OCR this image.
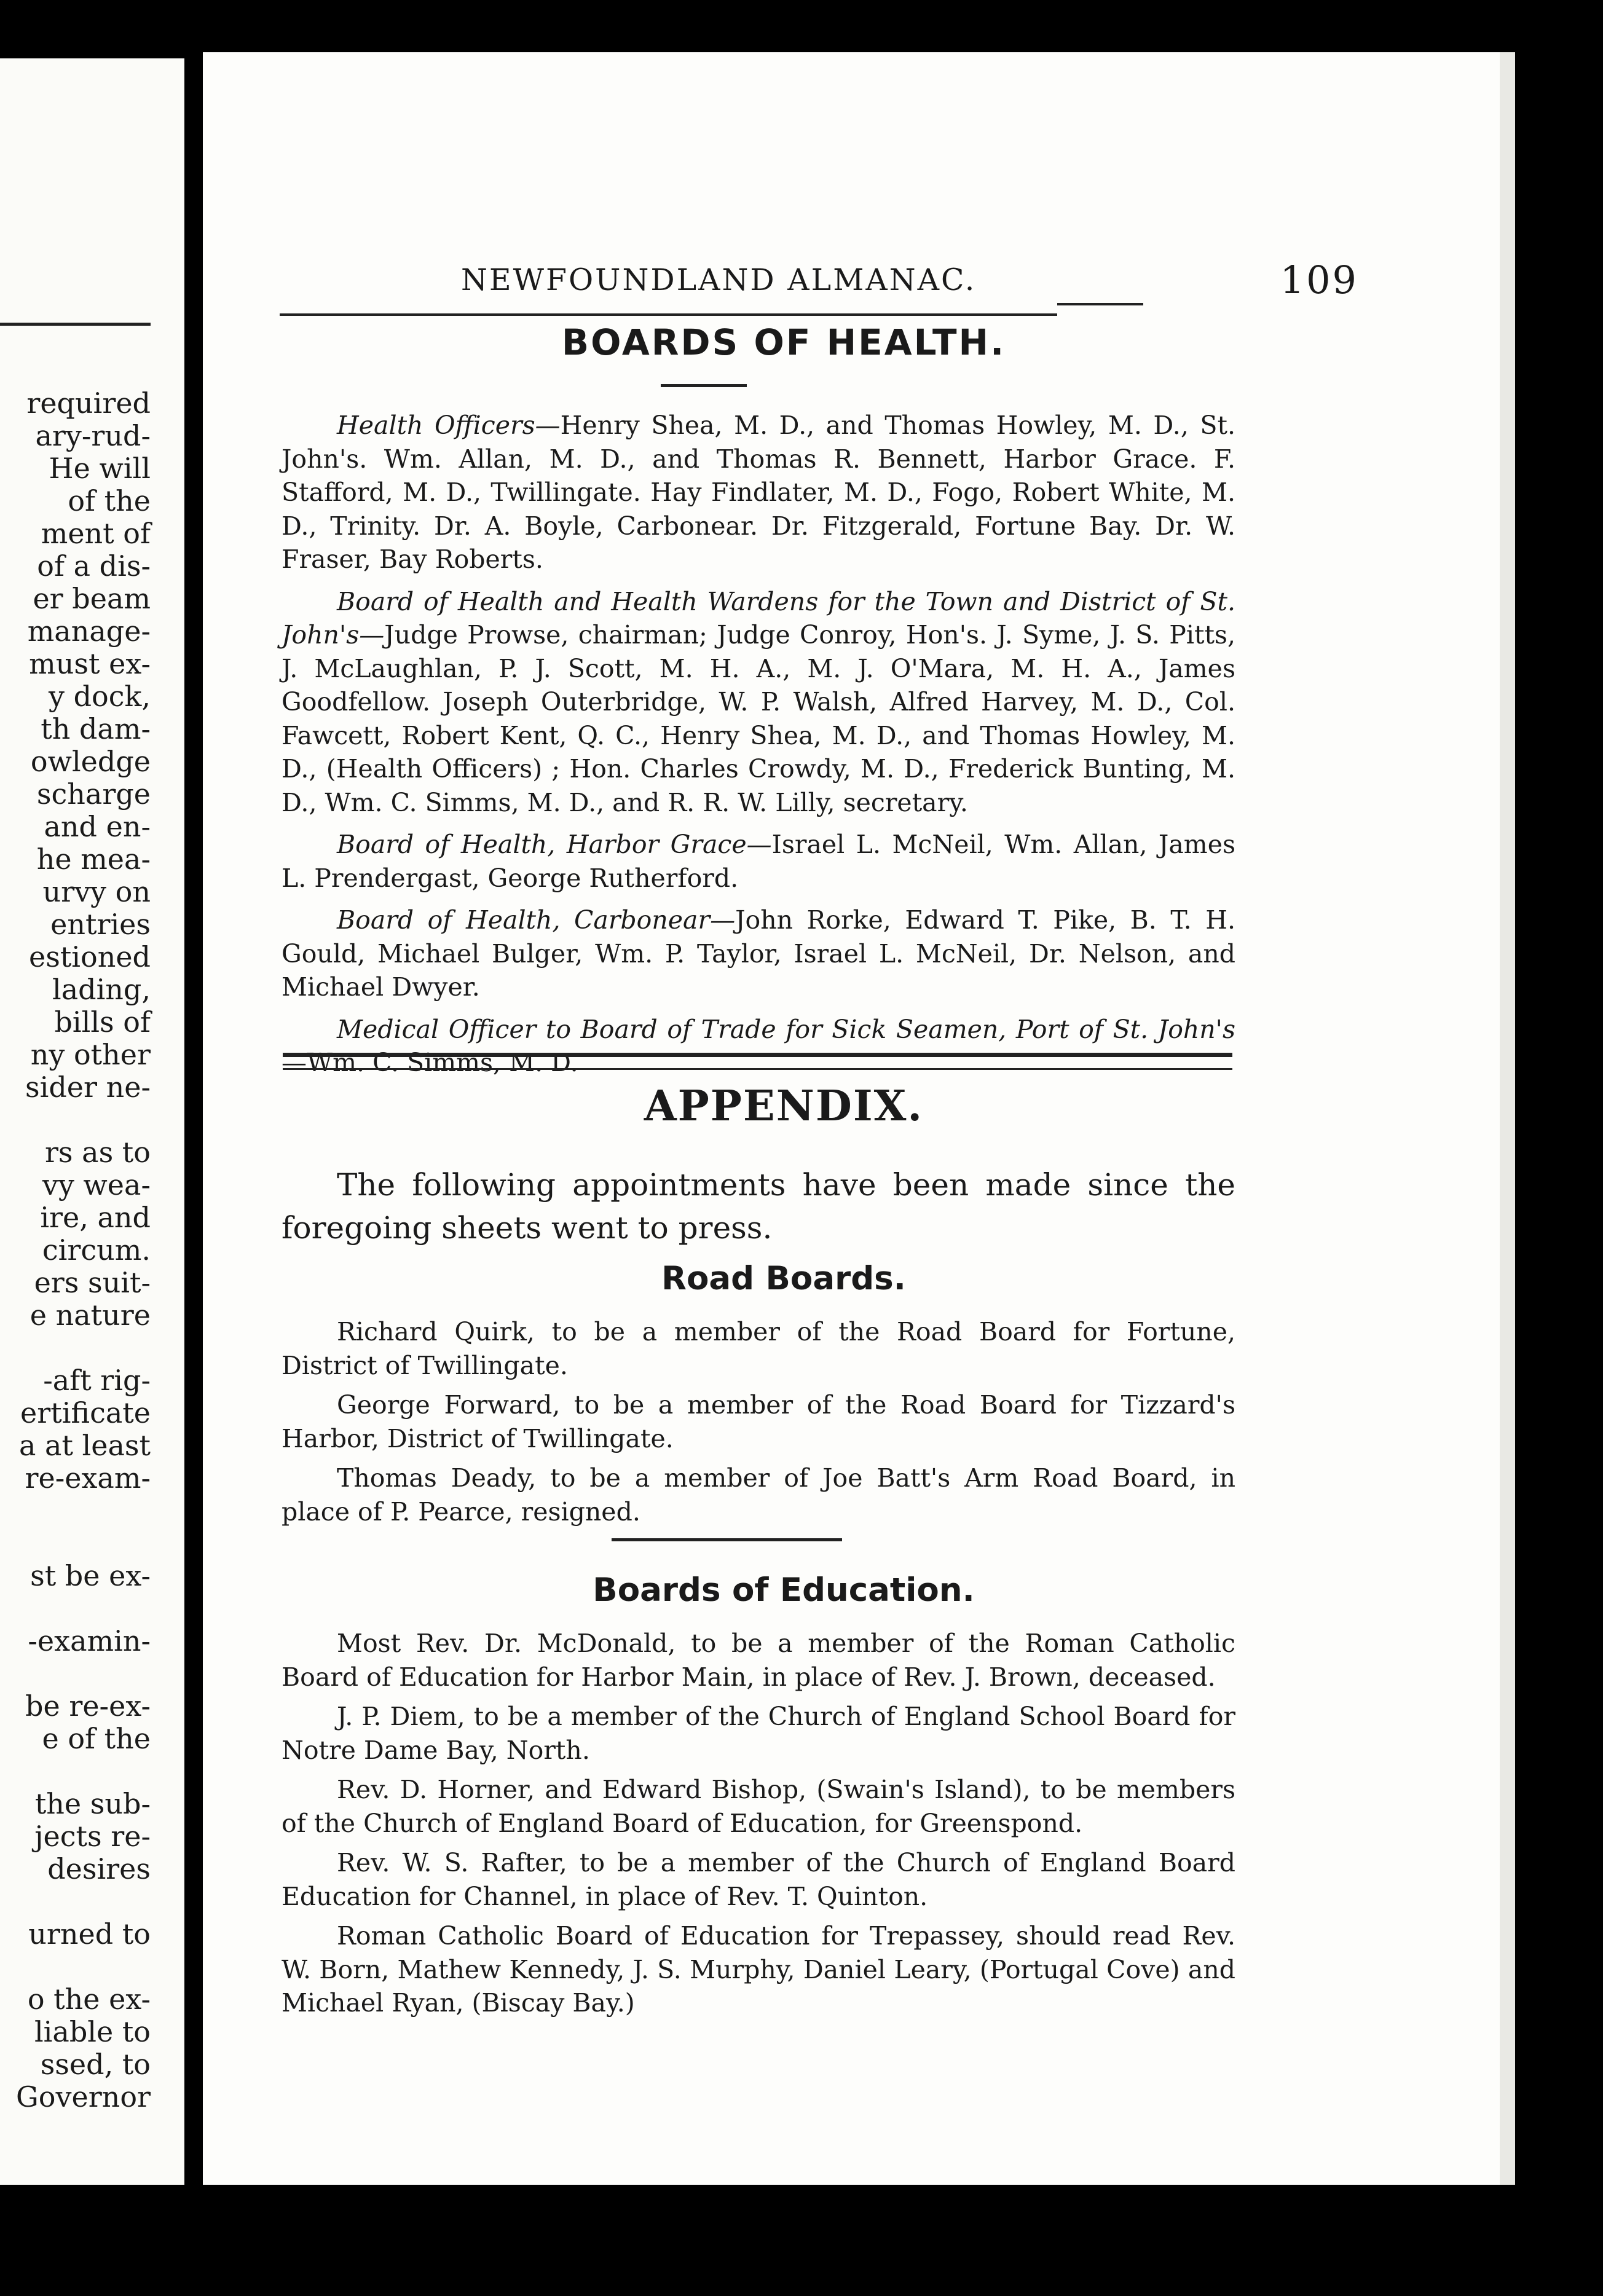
required
ary-rud-
He will
of the
ment of
of a dis-
er beam
manage-
must ex-
y dock,
th dam-
owledge
scharge
and en-
he mea-
urvy on
entries
estioned
lading,
bills of
ny other
sider ne-
rs as to
vy wea-
ire, and
circum.
ers suit-
e nature
-aft rig-
ertificate
a at least
re-exam-
st be ex-
-examin-
be re-ex-
e of the
the sub-
jects re-
desires
urned to
o the ex-
liable to
ssed, to
Governor
NEWFOUNDLAND ALMANAC.	109
BOARDS OF HEALTH.

Health Officers—Henry Shea, M. D., and Thomas Howley, M. D., St. John's. Wm. Allan, M. D., and Thomas R. Bennett, Harbor Grace. F. Stafford, M. D., Twillingate. Hay Findlater, M. D., Fogo, Robert White, M. D., Trinity. Dr. A. Boyle, Carbonear. Dr. Fitzgerald, Fortune Bay. Dr. W. Fraser, Bay Roberts.

Board of Health and Health Wardens for the Town and District of St. John's—Judge Prowse, chairman; Judge Conroy, Hon's. J. Syme, J. S. Pitts, J. McLaughlan, P. J. Scott, M. H. A., M. J. O'Mara, M. H. A., James Goodfellow. Joseph Outerbridge, W. P. Walsh, Alfred Harvey, M. D., Col. Fawcett, Robert Kent, Q. C., Henry Shea, M. D., and Thomas Howley, M. D., (Health Officers) ; Hon. Charles Crowdy, M. D., Frederick Bunting, M. D., Wm. C. Simms, M. D., and R. R. W. Lilly, secretary.

Board of Health, Harbor Grace—Israel L. McNeil, Wm. Allan, James L. Prendergast, George Rutherford.

Board of Health, Carbonear—John Rorke, Edward T. Pike, B. T. H. Gould, Michael Bulger, Wm. P. Taylor, Israel L. McNeil, Dr. Nelson, and Michael Dwyer.

Medical Officer to Board of Trade for Sick Seamen, Port of St. John's —Wm. C. Simms, M. D.

APPENDIX.
The following appointments have been made since the foregoing sheets went to press.
Road Boards.

Richard Quirk, to be a member of the Road Board for Fortune, District of Twillingate.

George Forward, to be a member of the Road Board for Tizzard's Harbor, District of Twillingate.

Thomas Deady, to be a member of Joe Batt's Arm Road Board, in place of P. Pearce, resigned.

Boards of Education.

Most Rev. Dr. McDonald, to be a member of the Roman Catholic Board of Education for Harbor Main, in place of Rev. J. Brown, deceased.

J. P. Diem, to be a member of the Church of England School Board for Notre Dame Bay, North.

Rev. D. Horner, and Edward Bishop, (Swain's Island), to be members of the Church of England Board of Education, for Greenspond.

Rev. W. S. Rafter, to be a member of the Church of England Board Education for Channel, in place of Rev. T. Quinton.

Roman Catholic Board of Education for Trepassey, should read Rev. W. Born, Mathew Kennedy, J. S. Murphy, Daniel Leary, (Portugal Cove) and Michael Ryan, (Biscay Bay.)
